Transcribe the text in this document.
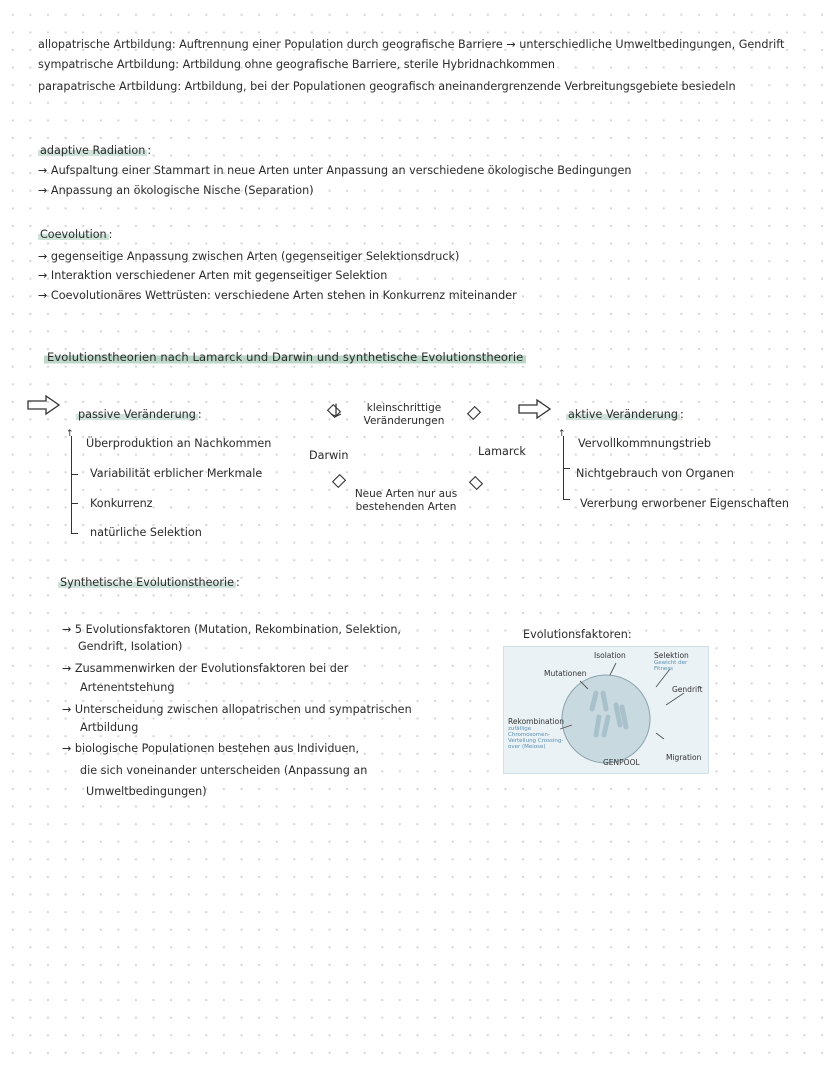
allopatrische Artbildung: Auftrennung einer Population durch geografische Barriere → unterschiedliche Umweltbedingungen, Gendrift
sympatrische Artbildung: Artbildung ohne geografische Barriere, sterile Hybridnachkommen
parapatrische Artbildung: Artbildung, bei der Populationen geografisch aneinandergrenzende Verbreitungsgebiete besiedeln
adaptive Radiation :
→ Aufspaltung einer Stammart in neue Arten unter Anpassung an verschiedene ökologische Bedingungen
→ Anpassung an ökologische Nische (Separation)
Coevolution :
→ gegenseitige Anpassung zwischen Arten (gegenseitiger Selektionsdruck)
→ Interaktion verschiedener Arten mit gegenseitiger Selektion
→ Coevolutionäres Wettrüsten: verschiedene Arten stehen in Konkurrenz miteinander
Evolutionstheorien nach Lamarck und Darwin und synthetische Evolutionstheorie
passive Veränderung :
↑
Überproduktion an Nachkommen
Variabilität erblicher Merkmale
Konkurrenz
natürliche Selektion
Darwin	Lamarck
kleinschrittige Veränderungen
Neue Arten nur aus bestehenden Arten
aktive Veränderung :
↑
Vervollkommnungstrieb
Nichtgebrauch von Organen
Vererbung erworbener Eigenschaften
Synthetische Evolutionstheorie :
→ 5 Evolutionsfaktoren (Mutation, Rekombination, Selektion,
Gendrift, Isolation)
→ Zusammenwirken der Evolutionsfaktoren bei der
Artenentstehung
→ Unterscheidung zwischen allopatrischen und sympatrischen
Artbildung
→ biologische Populationen bestehen aus Individuen,
die sich voneinander unterscheiden (Anpassung an
Umweltbedingungen)
Evolutionsfaktoren:
Isolation	Selektion
Gewicht der Fitness
Mutationen
Gendrift
Rekombination
zufällige Chromosomen-Verteilung Crossing-over (Meiose)
Migration
GENPOOL
